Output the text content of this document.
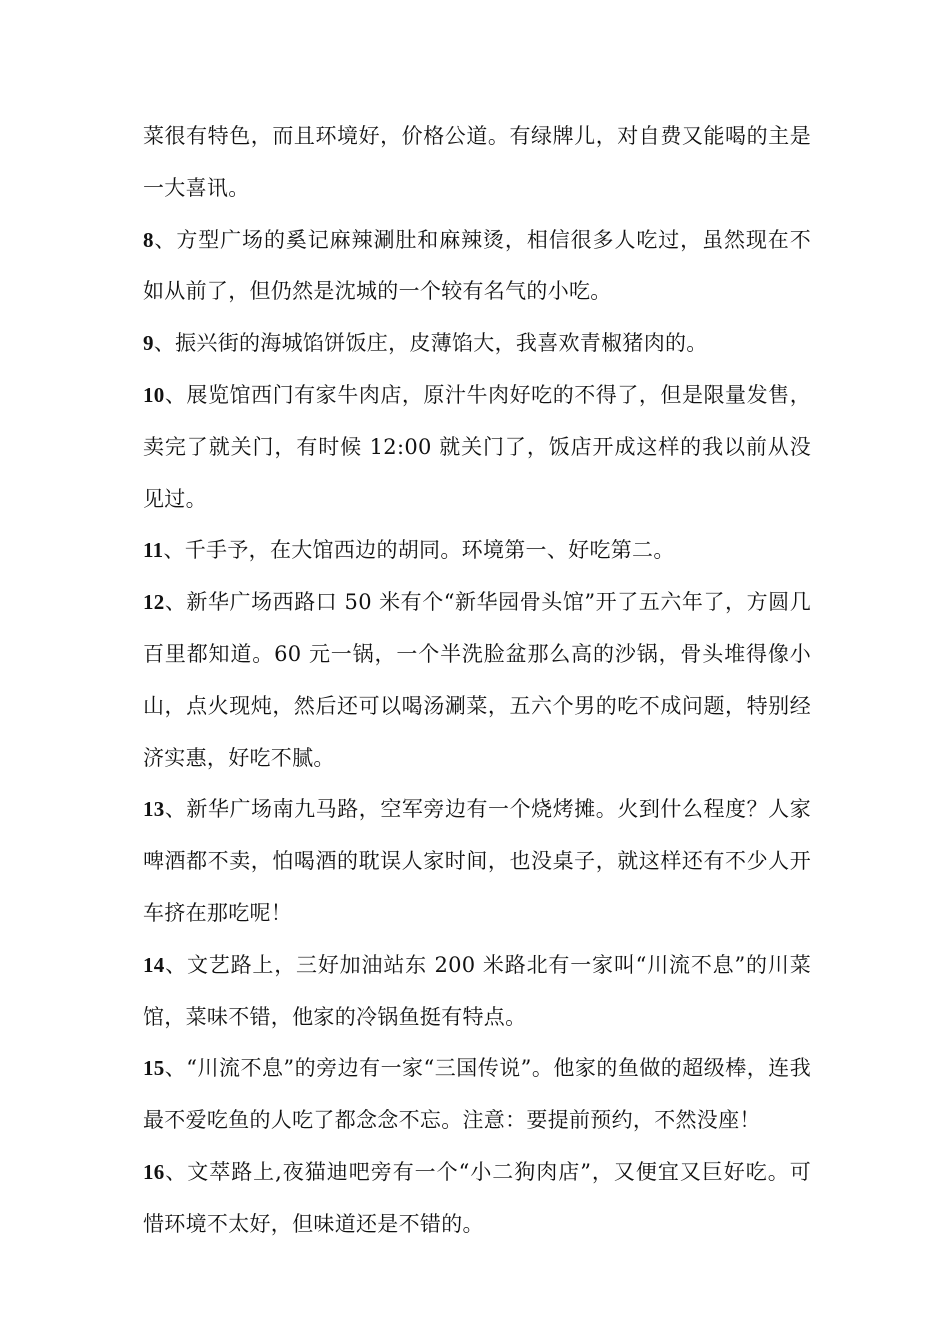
菜很有特色，而且环境好，价格公道。有绿牌儿，对自费又能喝的主是一大喜讯。

8、方型广场的奚记麻辣涮肚和麻辣烫，相信很多人吃过，虽然现在不如从前了，但仍然是沈城的一个较有名气的小吃。

9、振兴街的海城馅饼饭庄，皮薄馅大，我喜欢青椒猪肉的。

10、展览馆西门有家牛肉店，原汁牛肉好吃的不得了，但是限量发售，卖完了就关门，有时候 12:00 就关门了，饭店开成这样的我以前从没见过。

11、千手予，在大馆西边的胡同。环境第一、好吃第二。

12、新华广场西路口 50 米有个“新华园骨头馆”开了五六年了，方圆几百里都知道。60 元一锅，一个半洗脸盆那么高的沙锅，骨头堆得像小山，点火现炖，然后还可以喝汤涮菜，五六个男的吃不成问题，特别经济实惠，好吃不腻。

13、新华广场南九马路，空军旁边有一个烧烤摊。火到什么程度？人家啤酒都不卖，怕喝酒的耽误人家时间，也没桌子，就这样还有不少人开车挤在那吃呢！

14、文艺路上，三好加油站东 200 米路北有一家叫“川流不息”的川菜馆，菜味不错，他家的冷锅鱼挺有特点。

15、“川流不息”的旁边有一家“三国传说”。他家的鱼做的超级棒，连我最不爱吃鱼的人吃了都念念不忘。注意：要提前预约，不然没座！

16、文萃路上,夜猫迪吧旁有一个“小二狗肉店”，又便宜又巨好吃。可惜环境不太好，但味道还是不错的。
